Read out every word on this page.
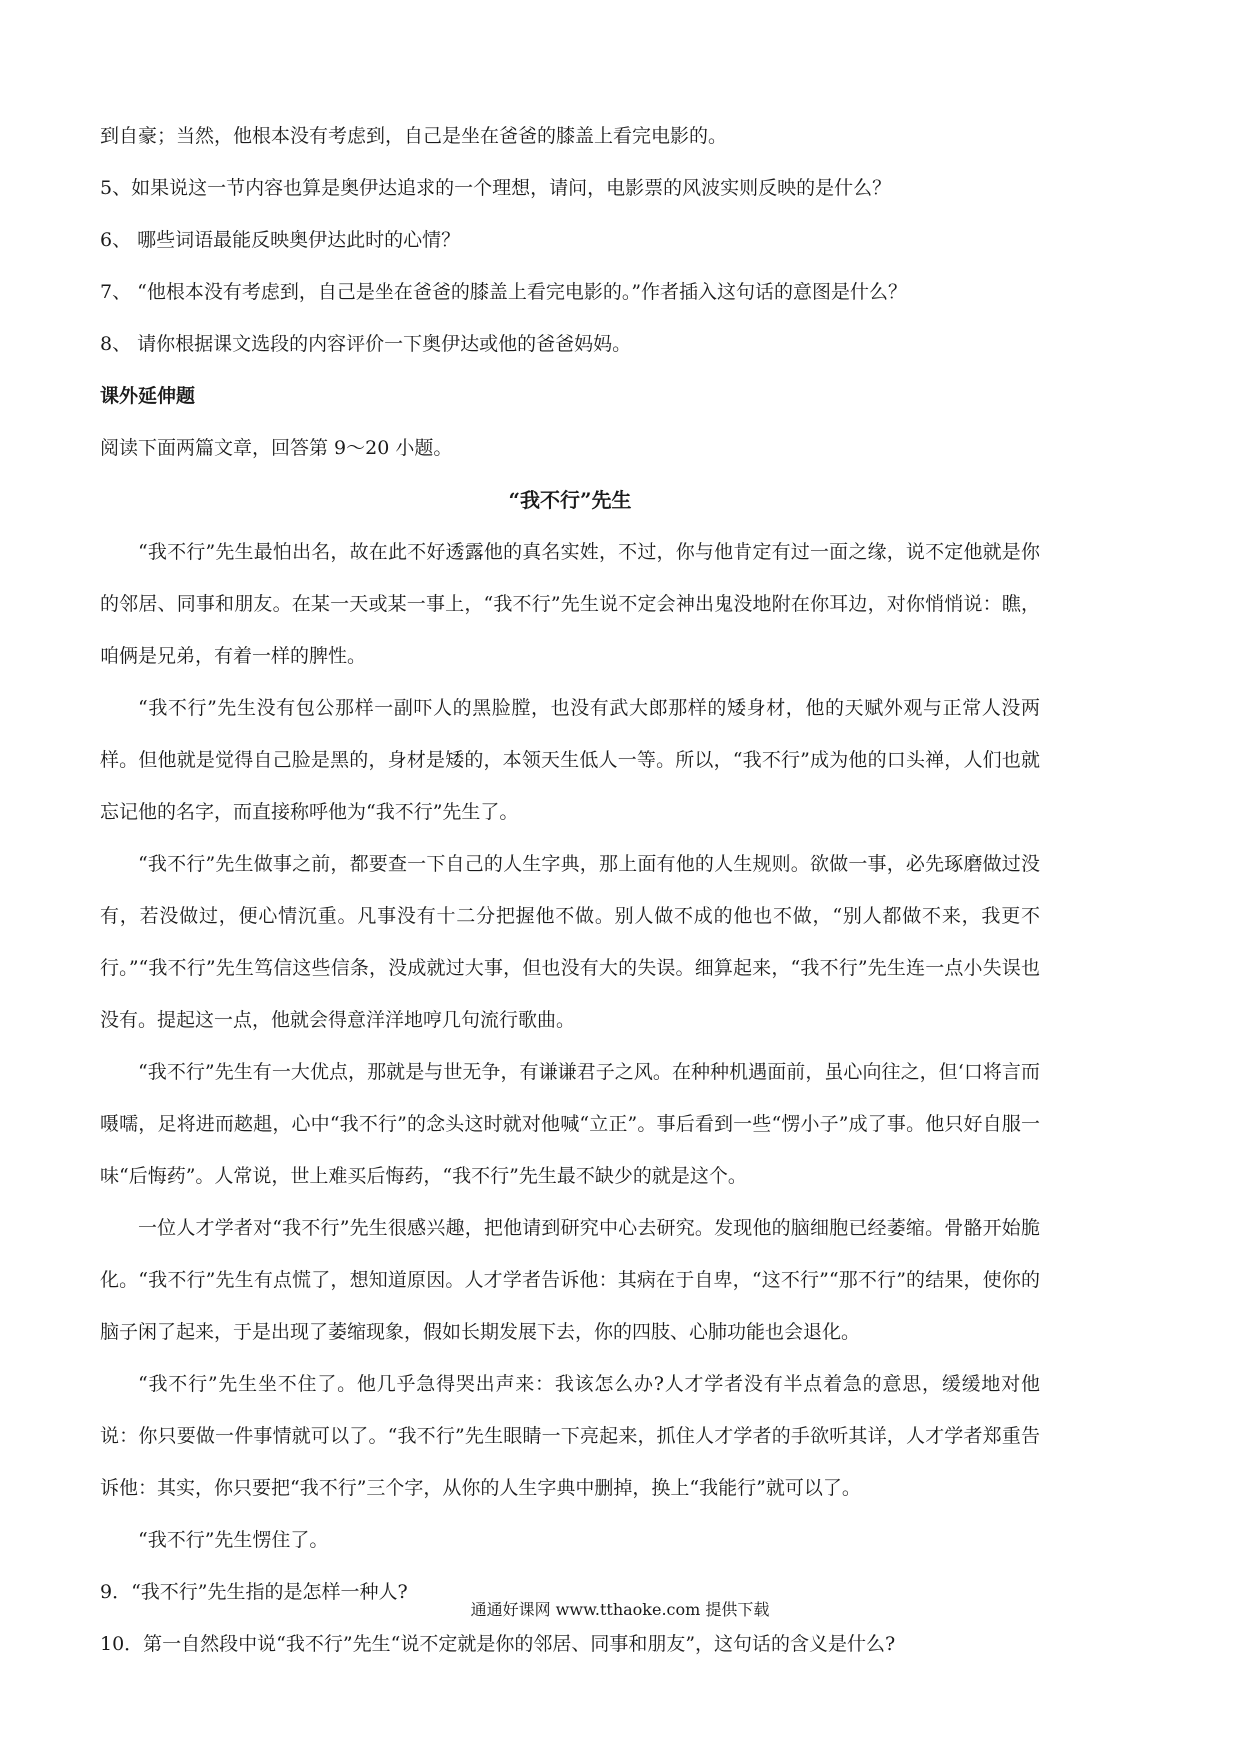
到自豪；当然，他根本没有考虑到，自己是坐在爸爸的膝盖上看完电影的。

5、如果说这一节内容也算是奥伊达追求的一个理想，请问，电影票的风波实则反映的是什么？

6、 哪些词语最能反映奥伊达此时的心情？

7、 “他根本没有考虑到，自己是坐在爸爸的膝盖上看完电影的。”作者插入这句话的意图是什么？

8、 请你根据课文选段的内容评价一下奥伊达或他的爸爸妈妈。

课外延伸题

阅读下面两篇文章，回答第 9～20 小题。

“我不行”先生

“我不行”先生最怕出名，故在此不好透露他的真名实姓，不过，你与他肯定有过一面之缘，说不定他就是你的邻居、同事和朋友。在某一天或某一事上，“我不行”先生说不定会神出鬼没地附在你耳边，对你悄悄说：瞧，咱俩是兄弟，有着一样的脾性。

“我不行”先生没有包公那样一副吓人的黑脸膛，也没有武大郎那样的矮身材，他的天赋外观与正常人没两样。但他就是觉得自己脸是黑的，身材是矮的，本领天生低人一等。所以，“我不行”成为他的口头禅，人们也就忘记他的名字，而直接称呼他为“我不行”先生了。

“我不行”先生做事之前，都要查一下自己的人生字典，那上面有他的人生规则。欲做一事，必先琢磨做过没有，若没做过，便心情沉重。凡事没有十二分把握他不做。别人做不成的他也不做，“别人都做不来，我更不行。”“我不行”先生笃信这些信条，没成就过大事，但也没有大的失误。细算起来，“我不行”先生连一点小失误也没有。提起这一点，他就会得意洋洋地哼几句流行歌曲。

“我不行”先生有一大优点，那就是与世无争，有谦谦君子之风。在种种机遇面前，虽心向往之，但‘口将言而嗫嚅，足将进而趑趄，心中“我不行”的念头这时就对他喊“立正”。事后看到一些“愣小子”成了事。他只好自服一味“后悔药”。人常说，世上难买后悔药，“我不行”先生最不缺少的就是这个。

一位人才学者对“我不行”先生很感兴趣，把他请到研究中心去研究。发现他的脑细胞已经萎缩。骨骼开始脆化。“我不行”先生有点慌了，想知道原因。人才学者告诉他：其病在于自卑，“这不行”“那不行”的结果，使你的脑子闲了起来，于是出现了萎缩现象，假如长期发展下去，你的四肢、心肺功能也会退化。

“我不行”先生坐不住了。他几乎急得哭出声来：我该怎么办?人才学者没有半点着急的意思，缓缓地对他说：你只要做一件事情就可以了。“我不行”先生眼睛一下亮起来，抓住人才学者的手欲听其详，人才学者郑重告诉他：其实，你只要把“我不行”三个字，从你的人生字典中删掉，换上“我能行”就可以了。

“我不行”先生愣住了。

9．“我不行”先生指的是怎样一种人?

10．第一自然段中说“我不行”先生“说不定就是你的邻居、同事和朋友”，这句话的含义是什么?

通通好课网 www.tthaoke.com 提供下载
